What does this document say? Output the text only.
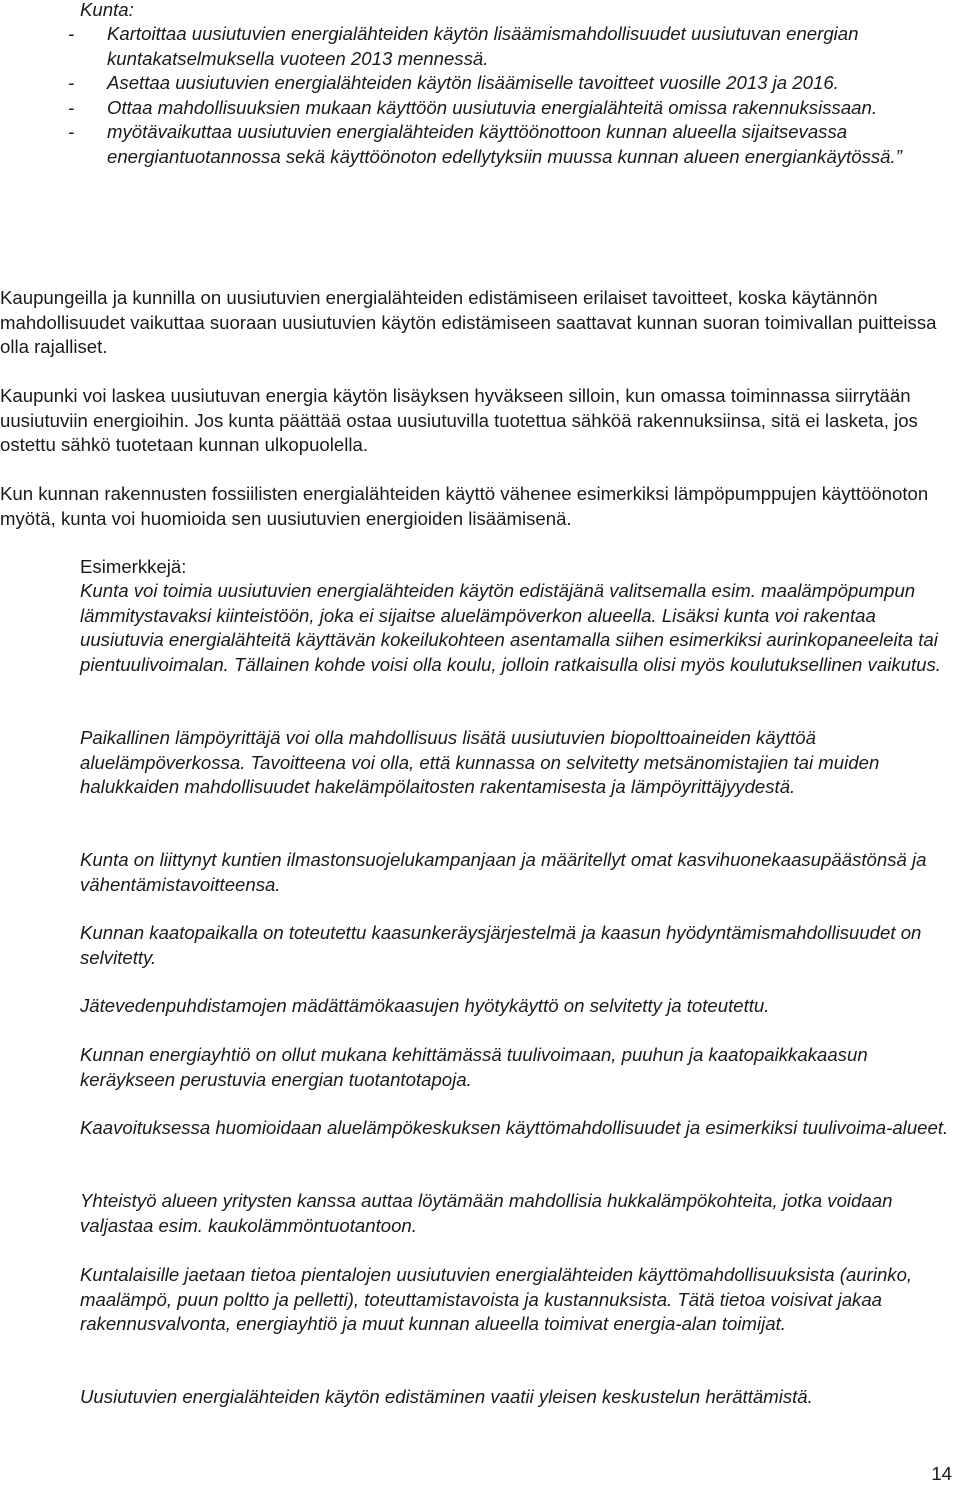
Kunta:
- Kartoittaa uusiutuvien energialähteiden käytön lisäämismahdollisuudet uusiutuvan energian kuntakatselmuksella vuoteen 2013 mennessä.
- Asettaa uusiutuvien energialähteiden käytön lisäämiselle tavoitteet vuosille 2013 ja 2016.
- Ottaa mahdollisuuksien mukaan käyttöön uusiutuvia energialähteitä omissa rakennuksissaan.
- myötävaikuttaa uusiutuvien energialähteiden käyttöönottoon kunnan alueella sijaitsevassa energiantuotannossa sekä käyttöönoton edellytyksiin muussa kunnan alueen energiankäytössä.”

Kaupungeilla ja kunnilla on uusiutuvien energialähteiden edistämiseen erilaiset tavoitteet, koska käytännön mahdollisuudet vaikuttaa suoraan uusiutuvien käytön edistämiseen saattavat kunnan suoran toimivallan puitteissa olla rajalliset.

Kaupunki voi laskea uusiutuvan energia käytön lisäyksen hyväkseen silloin, kun omassa toiminnassa siirrytään uusiutuviin energioihin. Jos kunta päättää ostaa uusiutuvilla tuotettua sähköä rakennuksiinsa, sitä ei lasketa, jos ostettu sähkö tuotetaan kunnan ulkopuolella.

Kun kunnan rakennusten fossiilisten energialähteiden käyttö vähenee esimerkiksi lämpöpumppujen käyttöönoton myötä, kunta voi huomioida sen uusiutuvien energioiden lisäämisenä.

Esimerkkejä:

Kunta voi toimia uusiutuvien energialähteiden käytön edistäjänä valitsemalla esim. maalämpöpumpun lämmitystavaksi kiinteistöön, joka ei sijaitse aluelämpöverkon alueella. Lisäksi kunta voi rakentaa uusiutuvia energialähteitä käyttävän kokeilukohteen asentamalla siihen esimerkiksi aurinkopaneeleita tai pientuulivoimalan. Tällainen kohde voisi olla koulu, jolloin ratkaisulla olisi myös koulutuksellinen vaikutus.

Paikallinen lämpöyrittäjä voi olla mahdollisuus lisätä uusiutuvien biopolttoaineiden käyttöä aluelämpöverkossa. Tavoitteena voi olla, että kunnassa on selvitetty metsänomistajien tai muiden halukkaiden mahdollisuudet hakelämpölaitosten rakentamisesta ja lämpöyrittäjyydestä.

Kunta on liittynyt kuntien ilmastonsuojelukampanjaan ja määritellyt omat kasvihuonekaasupäästönsä ja vähentämistavoitteensa.

Kunnan kaatopaikalla on toteutettu kaasunkeräysjärjestelmä ja kaasun hyödyntämismahdollisuudet on selvitetty.

Jätevedenpuhdistamojen mädättämökaasujen hyötykäyttö on selvitetty ja toteutettu.

Kunnan energiayhtiö on ollut mukana kehittämässä tuulivoimaan, puuhun ja kaatopaikkakaasun keräykseen perustuvia energian tuotantotapoja.

Kaavoituksessa huomioidaan aluelämpökeskuksen käyttömahdollisuudet ja esimerkiksi tuulivoima-alueet.

Yhteistyö alueen yritysten kanssa auttaa löytämään mahdollisia hukkalämpökohteita, jotka voidaan valjastaa esim. kaukolämmöntuotantoon.

Kuntalaisille jaetaan tietoa pientalojen uusiutuvien energialähteiden käyttömahdollisuuksista (aurinko, maalämpö, puun poltto ja pelletti), toteuttamistavoista ja kustannuksista. Tätä tietoa voisivat jakaa rakennusvalvonta, energiayhtiö ja muut kunnan alueella toimivat energia-alan toimijat.

Uusiutuvien energialähteiden käytön edistäminen vaatii yleisen keskustelun herättämistä.

14
